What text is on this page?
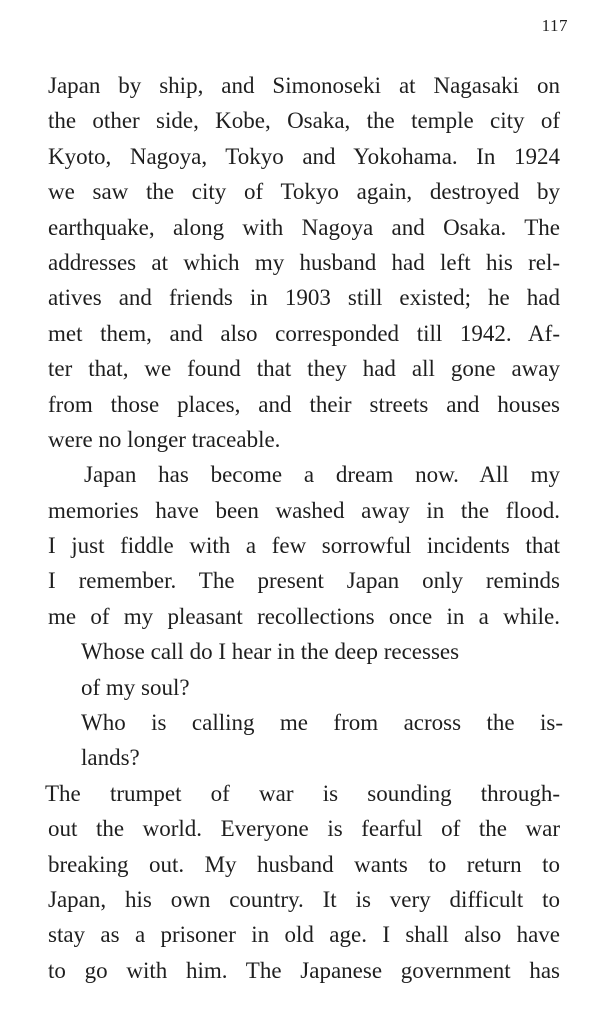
117
Japan by ship, and Simonoseki at Nagasaki on
the other side, Kobe, Osaka, the temple city of
Kyoto, Nagoya, Tokyo and Yokohama. In 1924
we saw the city of Tokyo again, destroyed by
earthquake, along with Nagoya and Osaka. The
addresses at which my husband had left his rel-
atives and friends in 1903 still existed; he had
met them, and also corresponded till 1942. Af-
ter that, we found that they had all gone away
from those places, and their streets and houses
were no longer traceable.
Japan has become a dream now. All my
memories have been washed away in the flood.
I just fiddle with a few sorrowful incidents that
I remember. The present Japan only reminds
me of my pleasant recollections once in a while.
Whose call do I hear in the deep recesses
of my soul?
Who is calling me from across the is-
lands?
The trumpet of war is sounding through-
out the world. Everyone is fearful of the war
breaking out. My husband wants to return to
Japan, his own country. It is very difficult to
stay as a prisoner in old age. I shall also have
to go with him. The Japanese government has
